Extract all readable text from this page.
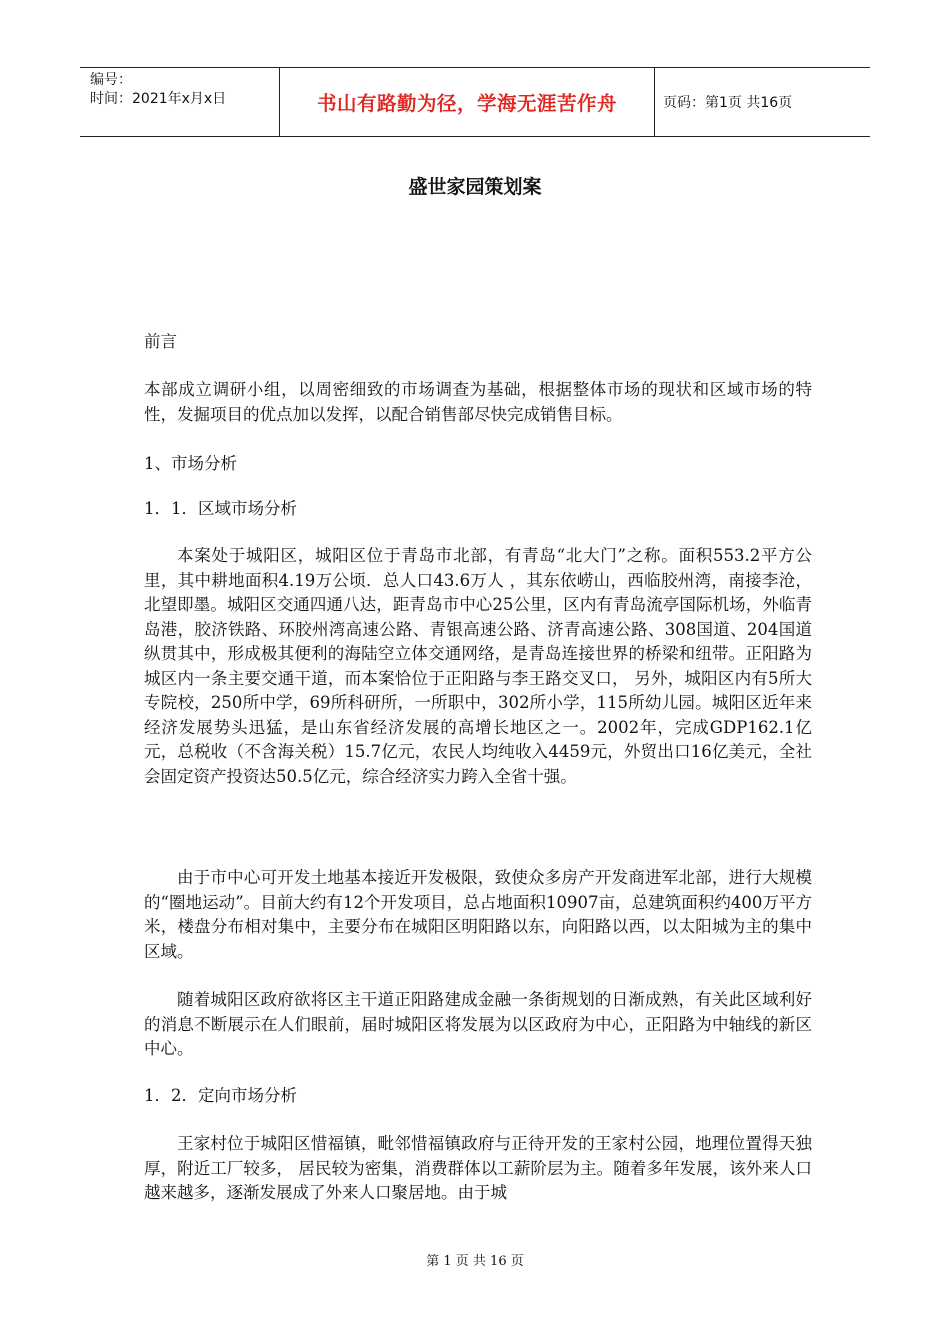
编号：
时间：2021年x月x日	书山有路勤为径，学海无涯苦作舟	页码：第1页 共16页
盛世家园策划案

前言

本部成立调研小组，以周密细致的市场调查为基础，根据整体市场的现状和区域市场的特性，发掘项目的优点加以发挥，以配合销售部尽快完成销售目标。

1、市场分析

1．1．区域市场分析

本案处于城阳区，城阳区位于青岛市北部，有青岛“北大门”之称。面积553.2平方公里，其中耕地面积4.19万公顷．总人口43.6万人 ，其东依崂山，西临胶州湾，南接李沧，北望即墨。城阳区交通四通八达，距青岛市中心25公里，区内有青岛流亭国际机场，外临青岛港，胶济铁路、环胶州湾高速公路、青银高速公路、济青高速公路、308国道、204国道纵贯其中，形成极其便利的海陆空立体交通网络，是青岛连接世界的桥梁和纽带。正阳路为城区内一条主要交通干道，而本案恰位于正阳路与李王路交叉口， 另外，城阳区内有5所大专院校，250所中学，69所科研所，一所职中，302所小学，115所幼儿园。城阳区近年来经济发展势头迅猛，是山东省经济发展的高增长地区之一。2002年，完成GDP162.1亿元，总税收（不含海关税）15.7亿元，农民人均纯收入4459元，外贸出口16亿美元，全社会固定资产投资达50.5亿元，综合经济实力跨入全省十强。

由于市中心可开发土地基本接近开发极限，致使众多房产开发商进军北部，进行大规模的“圈地运动”。目前大约有12个开发项目，总占地面积10907亩，总建筑面积约400万平方米，楼盘分布相对集中，主要分布在城阳区明阳路以东，向阳路以西，以太阳城为主的集中区域。

随着城阳区政府欲将区主干道正阳路建成金融一条街规划的日渐成熟，有关此区域利好的消息不断展示在人们眼前，届时城阳区将发展为以区政府为中心，正阳路为中轴线的新区中心。

1．2．定向市场分析

王家村位于城阳区惜福镇，毗邻惜福镇政府与正待开发的王家村公园，地理位置得天独厚，附近工厂较多， 居民较为密集，消费群体以工薪阶层为主。随着多年发展，该外来人口越来越多，逐渐发展成了外来人口聚居地。由于城

第 1 页 共 16 页
